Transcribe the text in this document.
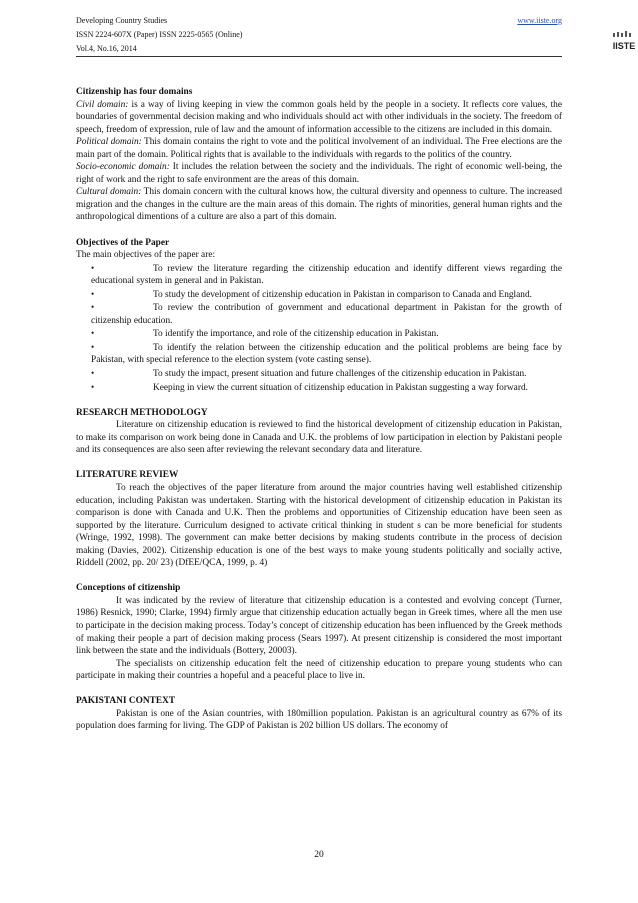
Developing Country Studies
ISSN 2224-607X (Paper) ISSN 2225-0565 (Online)
Vol.4, No.16, 2014
www.iiste.org
IISTE

Citizenship has four domains

Civil domain: is a way of living keeping in view the common goals held by the people in a society. It reflects core values, the boundaries of governmental decision making and who individuals should act with other individuals in the society. The freedom of speech, freedom of expression, rule of law and the amount of information accessible to the citizens are included in this domain.

Political domain: This domain contains the right to vote and the political involvement of an individual. The Free elections are the main part of the domain. Political rights that is available to the individuals with regards to the politics of the country.

Socio-economic domain: It includes the relation between the society and the individuals. The right of economic well-being, the right of work and the right to safe environment are the areas of this domain.

Cultural domain: This domain concern with the cultural knows how, the cultural diversity and openness to culture. The increased migration and the changes in the culture are the main areas of this domain. The rights of minorities, general human rights and the anthropological dimentions of a culture are also a part of this domain.

Objectives of the Paper

The main objectives of the paper are:

•	To review the literature regarding the citizenship education and identify different views regarding the educational system in general and in Pakistan.
•	To study the development of citizenship education in Pakistan in comparison to Canada and England.
•	To review the contribution of government and educational department in Pakistan for the growth of citizenship education.
•	To identify the importance, and role of the citizenship education in Pakistan.
•	To identify the relation between the citizenship education and the political problems are being face by Pakistan, with special reference to the election system (vote casting sense).
•	To study the impact, present situation and future challenges of the citizenship education in Pakistan.
•	Keeping in view the current situation of citizenship education in Pakistan suggesting a way forward.

RESEARCH METHODOLOGY

Literature on citizenship education is reviewed to find the historical development of citizenship education in Pakistan, to make its comparison on work being done in Canada and U.K. the problems of low participation in election by Pakistani people and its consequences are also seen after reviewing the relevant secondary data and literature.

LITERATURE REVIEW

To reach the objectives of the paper literature from around the major countries having well established citizenship education, including Pakistan was undertaken. Starting with the historical development of citizenship education in Pakistan its comparison is done with Canada and U.K. Then the problems and opportunities of Citizenship education have been seen as supported by the literature. Curriculum designed to activate critical thinking in student s can be more beneficial for students (Wringe, 1992, 1998). The government can make better decisions by making students contribute in the process of decision making (Davies, 2002). Citizenship education is one of the best ways to make young students politically and socially active, Riddell (2002, pp. 20/ 23) (DfEE/QCA, 1999, p. 4)

Conceptions of citizenship

It was indicated by the review of literature that citizenship education is a contested and evolving concept (Turner, 1986) Resnick, 1990; Clarke, 1994) firmly argue that citizenship education actually began in Greek times, where all the men use to participate in the decision making process. Today’s concept of citizenship education has been influenced by the Greek methods of making their people a part of decision making process (Sears 1997). At present citizenship is considered the most important link between the state and the individuals (Bottery, 20003).

The specialists on citizenship education felt the need of citizenship education to prepare young students who can participate in making their countries a hopeful and a peaceful place to live in.

PAKISTANI CONTEXT

Pakistan is one of the Asian countries, with 180million population. Pakistan is an agricultural country as 67% of its population does farming for living. The GDP of Pakistan is 202 billion US dollars. The economy of

20
